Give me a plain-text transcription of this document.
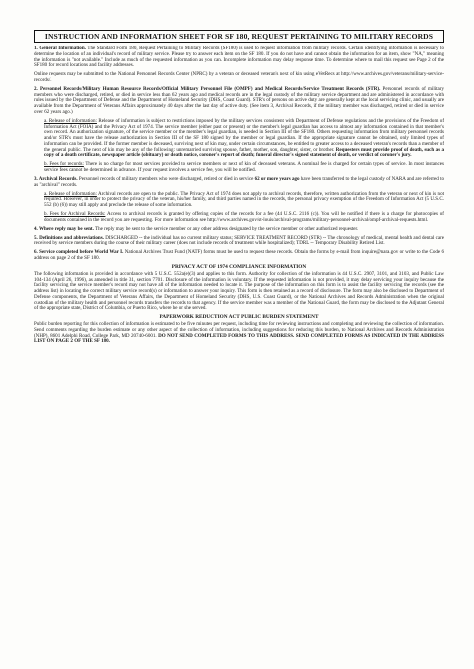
INSTRUCTION AND INFORMATION SHEET FOR SF 180, REQUEST PERTAINING TO MILITARY RECORDS

1. General Information. The Standard Form 180, Request Pertaining to Military Records (SF180) is used to request information from military records. Certain identifying information is necessary to determine the location of an individual's record of military service. Please try to answer each item on the SF 180. If you do not have and cannot obtain the information for an item, show "NA," meaning the information is "not available." Include as much of the requested information as you can. Incomplete information may delay response time. To determine where to mail this request see Page 2 of the SF180 for record locations and facility addresses.

Online requests may be submitted to the National Personnel Records Center (NPRC) by a veteran or deceased veteran's next of kin using eVetRecs at http://www.archives.gov/veterans/military-service-records/.

2. Personnel Records/Military Human Resource Records/Official Military Personnel File (OMPF) and Medical Records/Service Treatment Records (STR). Personnel records of military members who were discharged, retired, or died in service less than 62 years ago and medical records are in the legal custody of the military service department and are administered in accordance with rules issued by the Department of Defense and the Department of Homeland Security (DHS, Coast Guard). STR's of persons on active duty are generally kept at the local servicing clinic, and usually are available from the Department of Veterans Affairs approximately 40 days after the last day of active duty. (See item 3, Archival Records, if the military member was discharged, retired or died in service over 62 years ago.)

a. Release of information: Release of information is subject to restrictions imposed by the military services consistent with Department of Defense regulations and the provisions of the Freedom of Information Act (FOIA) and the Privacy Act of 1974. The service member (either past or present) or the member's legal guardian has access to almost any information contained in that member's own record. An authorization signature, of the service member or the member's legal guardian, is needed in Section III of the SF180. Others requesting information from military personnel records and/or STR's must have the release authorization in Section III of the SF 180 signed by the member or legal guardian. If the appropriate signature cannot be obtained, only limited types of information can be provided. If the former member is deceased, surviving next of kin may, under certain circumstances, be entitled to greater access to a deceased veteran's records than a member of the general public. The next of kin may be any of the following: unremarried surviving spouse, father, mother, son, daughter, sister, or brother. Requesters must provide proof of death, such as a copy of a death certificate, newspaper article (obituary) or death notice, coroner's report of death; funeral director's signed statement of death, or verdict of coroner's jury.

b. Fees for records: There is no charge for most services provided to service members or next of kin of deceased veterans. A nominal fee is charged for certain types of service. In most instances service fees cannot be determined in advance. If your request involves a service fee, you will be notified.

3. Archival Records. Personnel records of military members who were discharged, retired or died in service 62 or more years ago have been transferred to the legal custody of NARA and are referred to as "archival" records.

a. Release of information: Archival records are open to the public. The Privacy Act of 1974 does not apply to archival records, therefore, written authorization from the veteran or next of kin is not required. However, in order to protect the privacy of the veteran, his/her family, and third parties named in the records, the personal privacy exemption of the Freedom of Information Act (5 U.S.C. 552 (b) (6)) may still apply and preclude the release of some information.

b. Fees for Archival Records: Access to archival records is granted by offering copies of the records for a fee (44 U.S.C. 2116 (c)). You will be notified if there is a charge for photocopies of documents contained in the record you are requesting. For more information see http://www.archives.gov/st-louis/archival-programs/military-personnel-archival/ompf-archival-requests.html.

4. Where reply may be sent. The reply may be sent to the service member or any other address designated by the service member or other authorized requester.

5. Definitions and abbreviations. DISCHARGED -- the individual has no current military status; SERVICE TREATMENT RECORD (STR) -- The chronology of medical, mental health and dental care received by service members during the course of their military career (does not include records of treatment while hospitalized); TDRL -- Temporary Disability Retired List.

6. Service completed before World War I. National Archives Trust Fund (NATF) forms must be used to request these records. Obtain the forms by e-mail from inquire@nara.gov or write to the Code 6 address on page 2 of the SF 180.

PRIVACY ACT OF 1974 COMPLIANCE INFORMATION

The following information is provided in accordance with 5 U.S.C. 552a(e)(3) and applies to this form. Authority for collection of the information is 44 U.S.C. 2907, 3101, and 3103, and Public Law 104-134 (April 26, 1996), as amended in title 31, section 7701. Disclosure of the information is voluntary. If the requested information is not provided, it may delay servicing your inquiry because the facility servicing the service member's record may not have all of the information needed to locate it. The purpose of the information on this form is to assist the facility servicing the records (see the address list) in locating the correct military service record(s) or information to answer your inquiry. This form is then retained as a record of disclosure. The form may also be disclosed to Department of Defense components, the Department of Veterans Affairs, the Department of Homeland Security (DHS, U.S. Coast Guard), or the National Archives and Records Administration when the original custodian of the military health and personnel records transfers the records to that agency. If the service member was a member of the National Guard, the form may be disclosed to the Adjutant General of the appropriate state, District of Columbia, or Puerto Rico, where he or she served.

PAPERWORK REDUCTION ACT PUBLIC BURDEN STATEMENT

Public burden reporting for this collection of information is estimated to be five minutes per request, including time for reviewing instructions and completing and reviewing the collection of information. Send comments regarding the burden estimate or any other aspect of the collection of information, including suggestions for reducing this burden, to National Archives and Records Administration (NHP), 8601 Adelphi Road, College Park, MD 20740-6001. DO NOT SEND COMPLETED FORMS TO THIS ADDRESS. SEND COMPLETED FORMS AS INDICATED IN THE ADDRESS LIST ON PAGE 2 OF THE SF 180.
